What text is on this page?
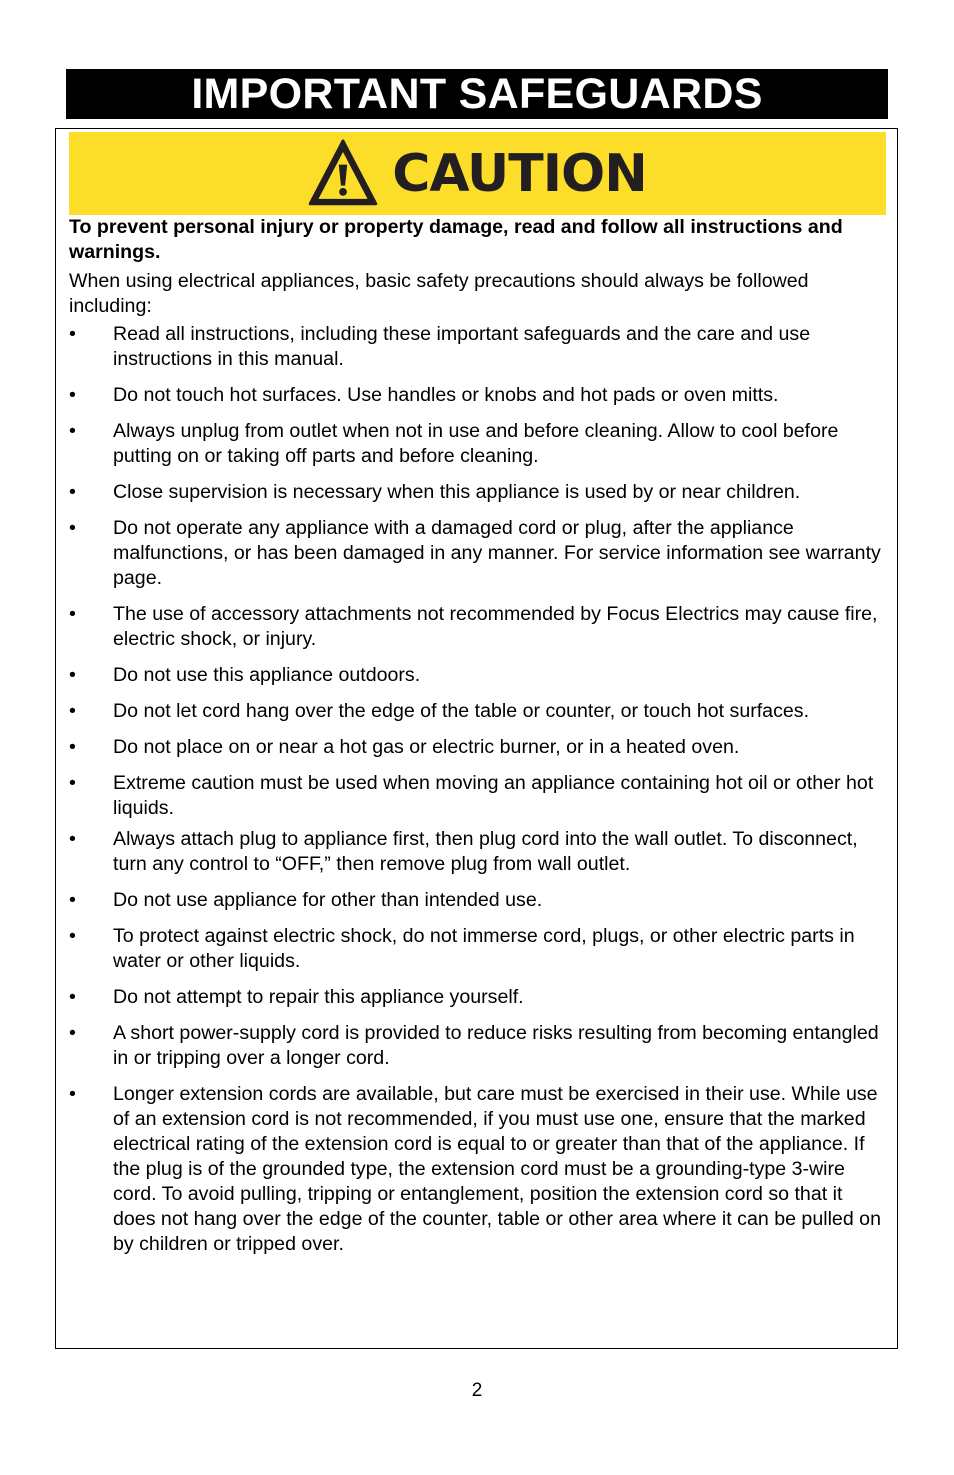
IMPORTANT SAFEGUARDS
CAUTION

To prevent personal injury or property damage, read and follow all instructions and warnings.

When using electrical appliances, basic safety precautions should always be followed including:

•	Read all instructions, including these important safeguards and the care and use instructions in this manual.
•	Do not touch hot surfaces. Use handles or knobs and hot pads or oven mitts.
•	Always unplug from outlet when not in use and before cleaning. Allow to cool before putting on or taking off parts and before cleaning.
•	Close supervision is necessary when this appliance is used by or near children.
•	Do not operate any appliance with a damaged cord or plug, after the appliance malfunctions, or has been damaged in any manner. For service information see warranty page.
•	The use of accessory attachments not recommended by Focus Electrics may cause fire, electric shock, or injury.
•	Do not use this appliance outdoors.
•	Do not let cord hang over the edge of the table or counter, or touch hot surfaces.
•	Do not place on or near a hot gas or electric burner, or in a heated oven.
•	Extreme caution must be used when moving an appliance containing hot oil or other hot liquids.
•	Always attach plug to appliance first, then plug cord into the wall outlet. To disconnect, turn any control to “OFF,” then remove plug from wall outlet.
•	Do not use appliance for other than intended use.
•	To protect against electric shock, do not immerse cord, plugs, or other electric parts in water or other liquids.
•	Do not attempt to repair this appliance yourself.
•	A short power-supply cord is provided to reduce risks resulting from becoming entangled in or tripping over a longer cord.
•	Longer extension cords are available, but care must be exercised in their use. While use of an extension cord is not recommended, if you must use one, ensure that the marked electrical rating of the extension cord is equal to or greater than that of the appliance. If the plug is of the grounded type, the extension cord must be a grounding-type 3-wire cord. To avoid pulling, tripping or entanglement, position the extension cord so that it does not hang over the edge of the counter, table or other area where it can be pulled on by children or tripped over.
2
